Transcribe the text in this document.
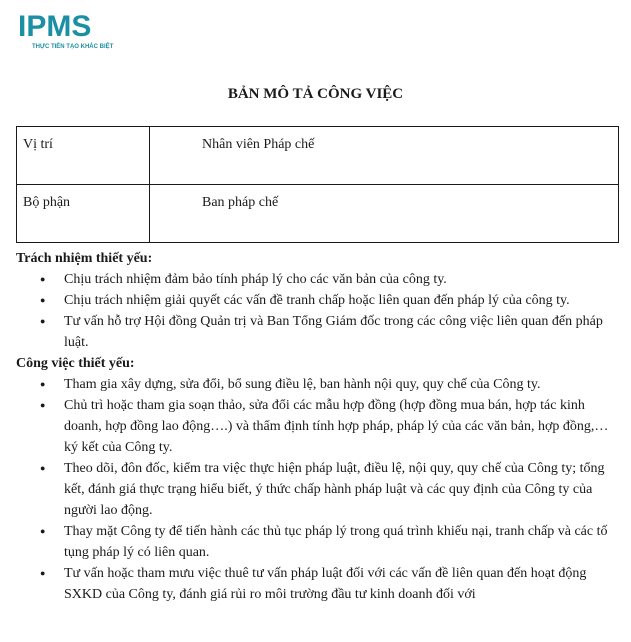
IPMS
THỰC TIỄN TẠO KHÁC BIỆT
BẢN MÔ TẢ CÔNG VIỆC
Vị trí	Nhân viên Pháp chế
Bộ phận	Ban pháp chế

Trách nhiệm thiết yếu:

● Chịu trách nhiệm đảm bảo tính pháp lý cho các văn bản của công ty.
● Chịu trách nhiệm giải quyết các vấn đề tranh chấp hoặc liên quan đến pháp lý của công ty.
● Tư vấn hỗ trợ Hội đồng Quản trị và Ban Tổng Giám đốc trong các công việc liên quan đến pháp luật.

Công việc thiết yếu:

● Tham gia xây dựng, sửa đổi, bổ sung điều lệ, ban hành nội quy, quy chế của Công ty.
● Chủ trì hoặc tham gia soạn thảo, sửa đổi các mẫu hợp đồng (hợp đồng mua bán, hợp tác kinh doanh, hợp đồng lao động….) và thẩm định tính hợp pháp, pháp lý của các văn bản, hợp đồng,… ký kết của Công ty.
● Theo dõi, đôn đốc, kiểm tra việc thực hiện pháp luật, điều lệ, nội quy, quy chế của Công ty; tổng kết, đánh giá thực trạng hiểu biết, ý thức chấp hành pháp luật và các quy định của Công ty của người lao động.
● Thay mặt Công ty để tiến hành các thủ tục pháp lý trong quá trình khiếu nại, tranh chấp và các tố tụng pháp lý có liên quan.
● Tư vấn hoặc tham mưu việc thuê tư vấn pháp luật đối với các vấn đề liên quan đến hoạt động SXKD của Công ty, đánh giá rủi ro môi trường đầu tư kinh doanh đối với
